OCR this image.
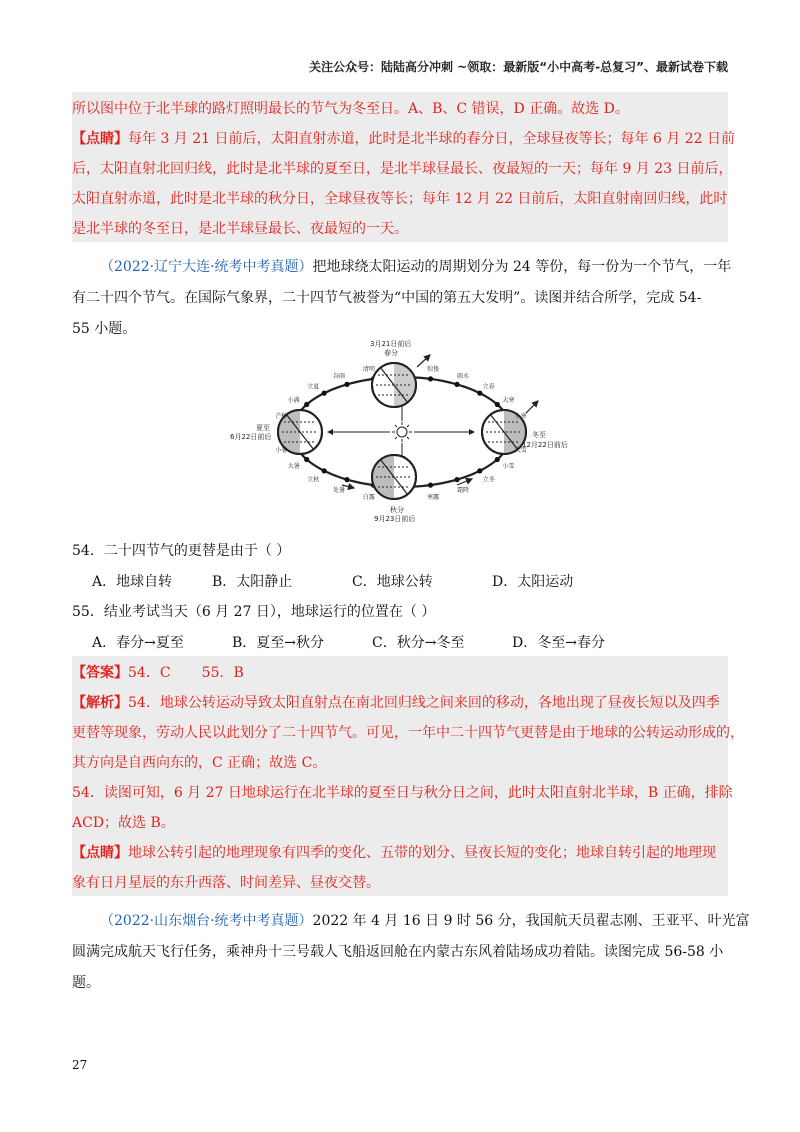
关注公众号：陆陆高分冲刺 ~领取：最新版“小中高考-总复习”、最新试卷下载
所以图中位于北半球的路灯照明最长的节气为冬至日。A、B、C 错误，D 正确。故选 D。
【点睛】每年 3 月 21 日前后，太阳直射赤道，此时是北半球的春分日，全球昼夜等长；每年 6 月 22 日前
后，太阳直射北回归线，此时是北半球的夏至日，是北半球昼最长、夜最短的一天；每年 9 月 23 日前后，
太阳直射赤道，此时是北半球的秋分日，全球昼夜等长；每年 12 月 22 日前后，太阳直射南回归线，此时
是北半球的冬至日，是北半球昼最长、夜最短的一天。
（2022·辽宁大连·统考中考真题）把地球绕太阳运动的周期划分为 24 等份，每一份为一个节气，一年
有二十四个节气。在国际气象界，二十四节气被誉为“中国的第五大发明”。读图并结合所学，完成 54-
55 小题。
3月21日前后
春分
夏至
6月22日前后
秋分
9月23日前后
冬至
12月22日前后
清明
谷雨
立夏
小满
芒种
小暑
大暑
立秋
处暑
白露	寒露
霜降
立冬
小雪
大雪
小寒
大寒
立春
雨水
惊蛰
54．二十四节气的更替是由于（ ）
A．地球自转	B．太阳静止	C．地球公转	D．太阳运动
55．结业考试当天（6 月 27 日），地球运行的位置在（ ）
A．春分→夏至	B．夏至→秋分	C．秋分→冬至	D．冬至→春分
【答案】54．C       55．B
【解析】54．地球公转运动导致太阳直射点在南北回归线之间来回的移动，各地出现了昼夜长短以及四季
更替等现象，劳动人民以此划分了二十四节气。可见，一年中二十四节气更替是由于地球的公转运动形成的，
其方向是自西向东的，C 正确；故选 C。
54．读图可知，6 月 27 日地球运行在北半球的夏至日与秋分日之间，此时太阳直射北半球，B 正确，排除
ACD；故选 B。
【点睛】地球公转引起的地理现象有四季的变化、五带的划分、昼夜长短的变化；地球自转引起的地理现
象有日月星辰的东升西落、时间差异、昼夜交替。
（2022·山东烟台·统考中考真题）2022 年 4 月 16 日 9 时 56 分，我国航天员翟志刚、王亚平、叶光富
圆满完成航天飞行任务，乘神舟十三号载人飞船返回舱在内蒙古东风着陆场成功着陆。读图完成 56-58 小
题。
27
